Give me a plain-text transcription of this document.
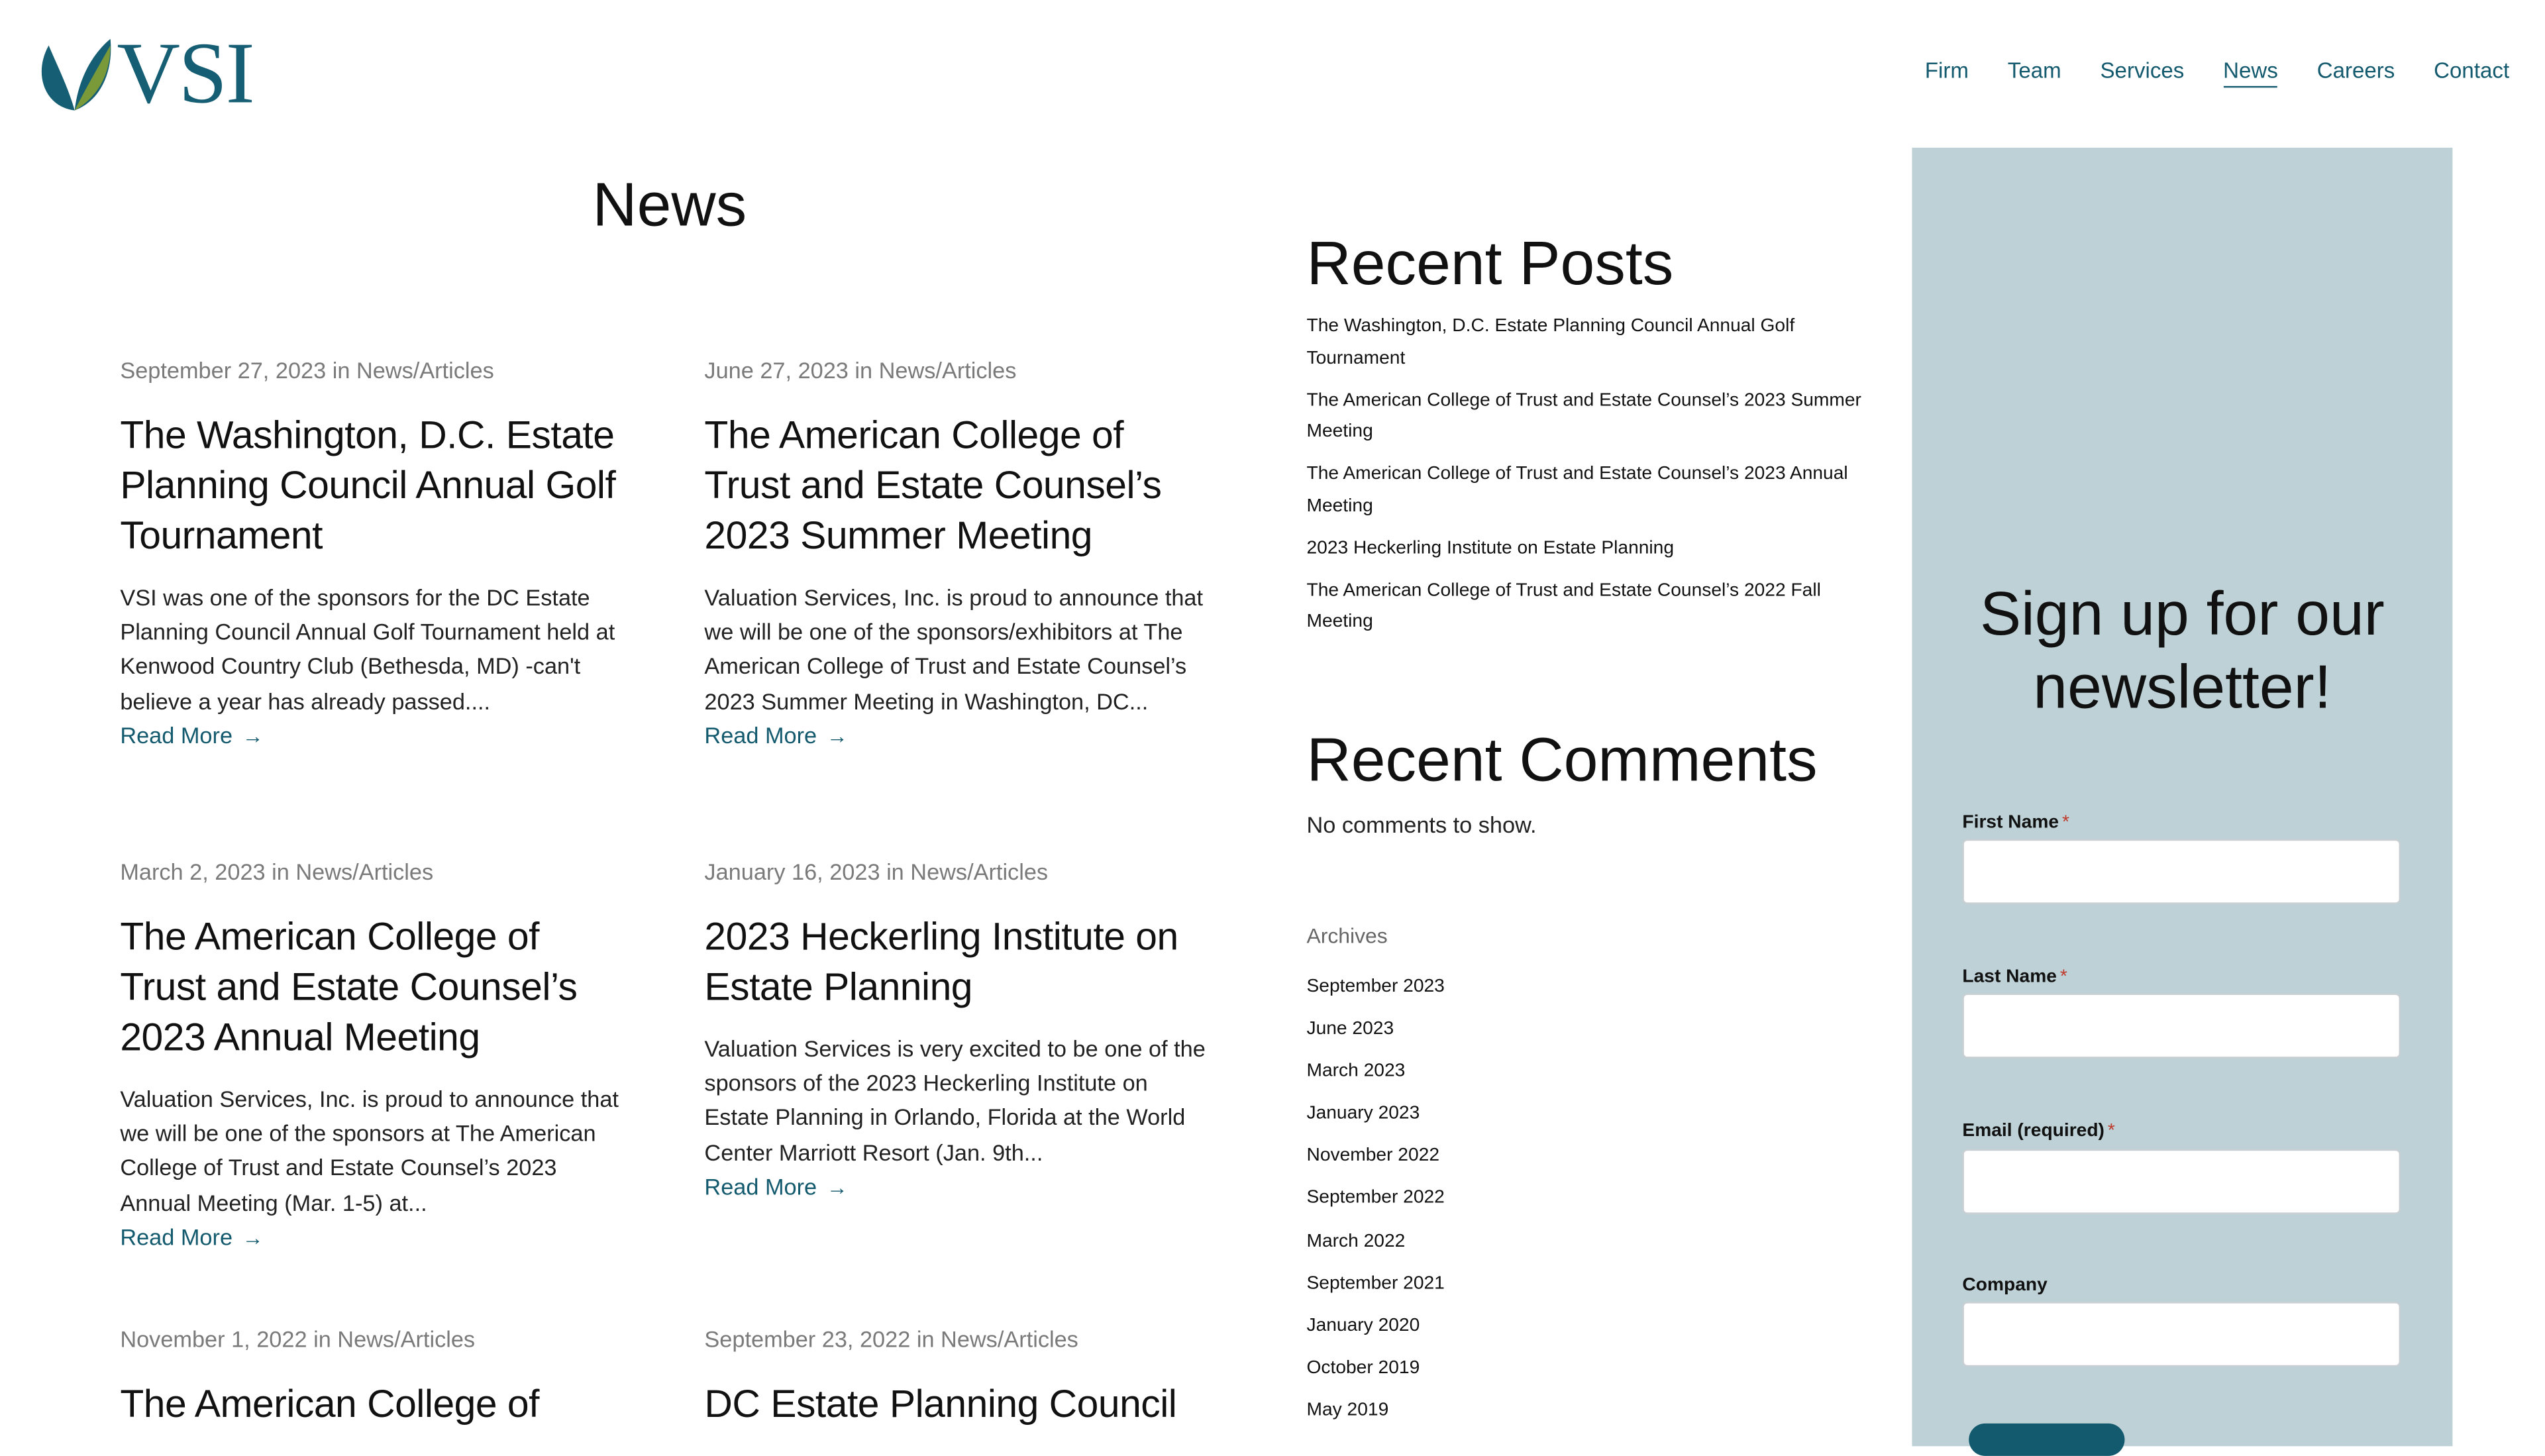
VSI	Firm	Team	Services	News	Careers	Contact
News

September 27, 2023 in News/Articles

The Washington, D.C. Estate Planning Council Annual Golf Tournament

VSI was one of the sponsors for the DC Estate Planning Council Annual Golf Tournament held at Kenwood Country Club (Bethesda, MD) -can't believe a year has already passed....

Read More →

June 27, 2023 in News/Articles

The American College of Trust and Estate Counsel’s 2023 Summer Meeting

Valuation Services, Inc. is proud to announce that we will be one of the sponsors/exhibitors at The American College of Trust and Estate Counsel’s 2023 Summer Meeting in Washington, DC...

Read More →

March 2, 2023 in News/Articles

The American College of Trust and Estate Counsel’s 2023 Annual Meeting

Valuation Services, Inc. is proud to announce that we will be one of the sponsors at The American College of Trust and Estate Counsel’s 2023 Annual Meeting (Mar. 1-5) at...

Read More →

January 16, 2023 in News/Articles

2023 Heckerling Institute on Estate Planning

Valuation Services is very excited to be one of the sponsors of the 2023 Heckerling Institute on Estate Planning in Orlando, Florida at the World Center Marriott Resort (Jan. 9th...

Read More →

November 1, 2022 in News/Articles

The American College of

September 23, 2022 in News/Articles

DC Estate Planning Council
Recent Posts
The Washington, D.C. Estate Planning Council Annual Golf Tournament
The American College of Trust and Estate Counsel’s 2023 Summer Meeting
The American College of Trust and Estate Counsel’s 2023 Annual Meeting
2023 Heckerling Institute on Estate Planning
The American College of Trust and Estate Counsel’s 2022 Fall Meeting
Recent Comments

No comments to show.

Archives
September 2023
June 2023
March 2023
January 2023
November 2022
September 2022
March 2022
September 2021
January 2020
October 2019
May 2019
Sign up for our newsletter!
First Name *
Last Name *
Email (required) *
Company
